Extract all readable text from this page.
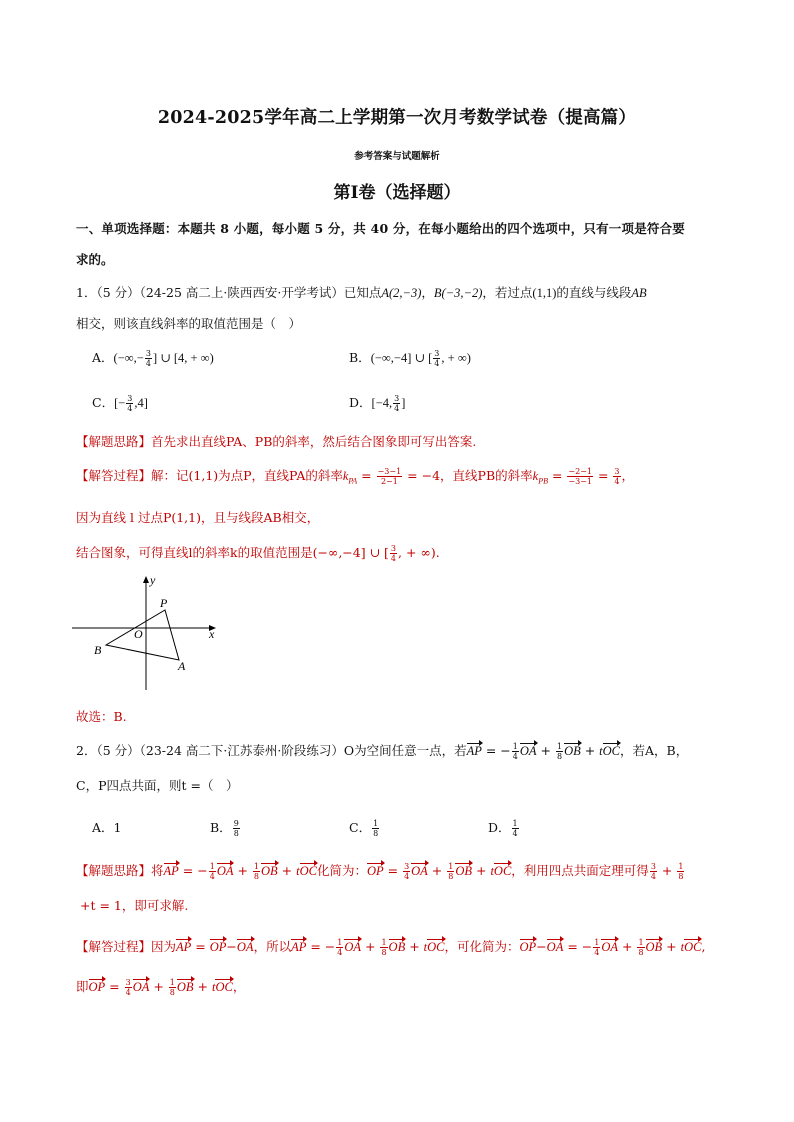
2024-2025学年高二上学期第一次月考数学试卷（提高篇）
参考答案与试题解析
第I卷（选择题）
一、单项选择题：本题共 8 小题，每小题 5 分，共 40 分，在每小题给出的四个选项中，只有一项是符合要
求的。
1．（5 分）（24-25 高二上·陕西西安·开学考试）已知点A(2,−3)，B(−3,−2)，若过点(1,1)的直线与线段AB
相交，则该直线斜率的取值范围是（　）
A．(−∞,− $\frac{3}{4}$ ] ∪ [4, + ∞)	B．(−∞,−4] ∪ [ $\frac{3}{4}$ , + ∞)
C．[− $\frac{3}{4} ,4$]	D．[−4, $\frac{3}{4}$ ]
【解题思路】首先求出直线PA、PB的斜率，然后结合图象即可写出答案.
【解答过程】解：记(1,1)为点P，直线PA的斜率$k_{PA} = \frac{-3-1}{2-1} = -4$，直线PB的斜率$k_{PB} = \frac{-2-1}{-3-1} = \frac{3}{4}$ ，
因为直线 l 过点P(1,1)，且与线段AB相交，
结合图象，可得直线l的斜率k的取值范围是(−∞,−4] ∪ [ $\frac{3}{4}$ , + ∞).
y
x
P
O
B
A
故选：B.
2．（5 分）（23-24 高二下·江苏泰州·阶段练习）O为空间任意一点，若AP = − $\frac{1}{4}$ OA + $\frac{1}{8}$ OB + tOC，若A，B，
C，P四点共面，则t =（　）
A．1	B． $\frac{9}{8}$	C． $\frac{1}{8}$	D． $\frac{1}{4}$
【解题思路】将AP = − $\frac{1}{4}$ OA + $\frac{1}{8}$ OB + tOC化简为：OP = $\frac{3}{4}$ OA + $\frac{1}{8}$ OB + tOC，利用四点共面定理可得 $\frac{3}{4} + \frac{1}{8}$
+t = 1，即可求解.
【解答过程】因为AP = OP−OA，所以AP = − $\frac{1}{4}$ OA + $\frac{1}{8}$ OB + tOC，可化简为：OP−OA = − $\frac{1}{4}$ OA + $\frac{1}{8}$ OB + tOC,
即OP = $\frac{3}{4}$ OA + $\frac{1}{8}$ OB + tOC，
